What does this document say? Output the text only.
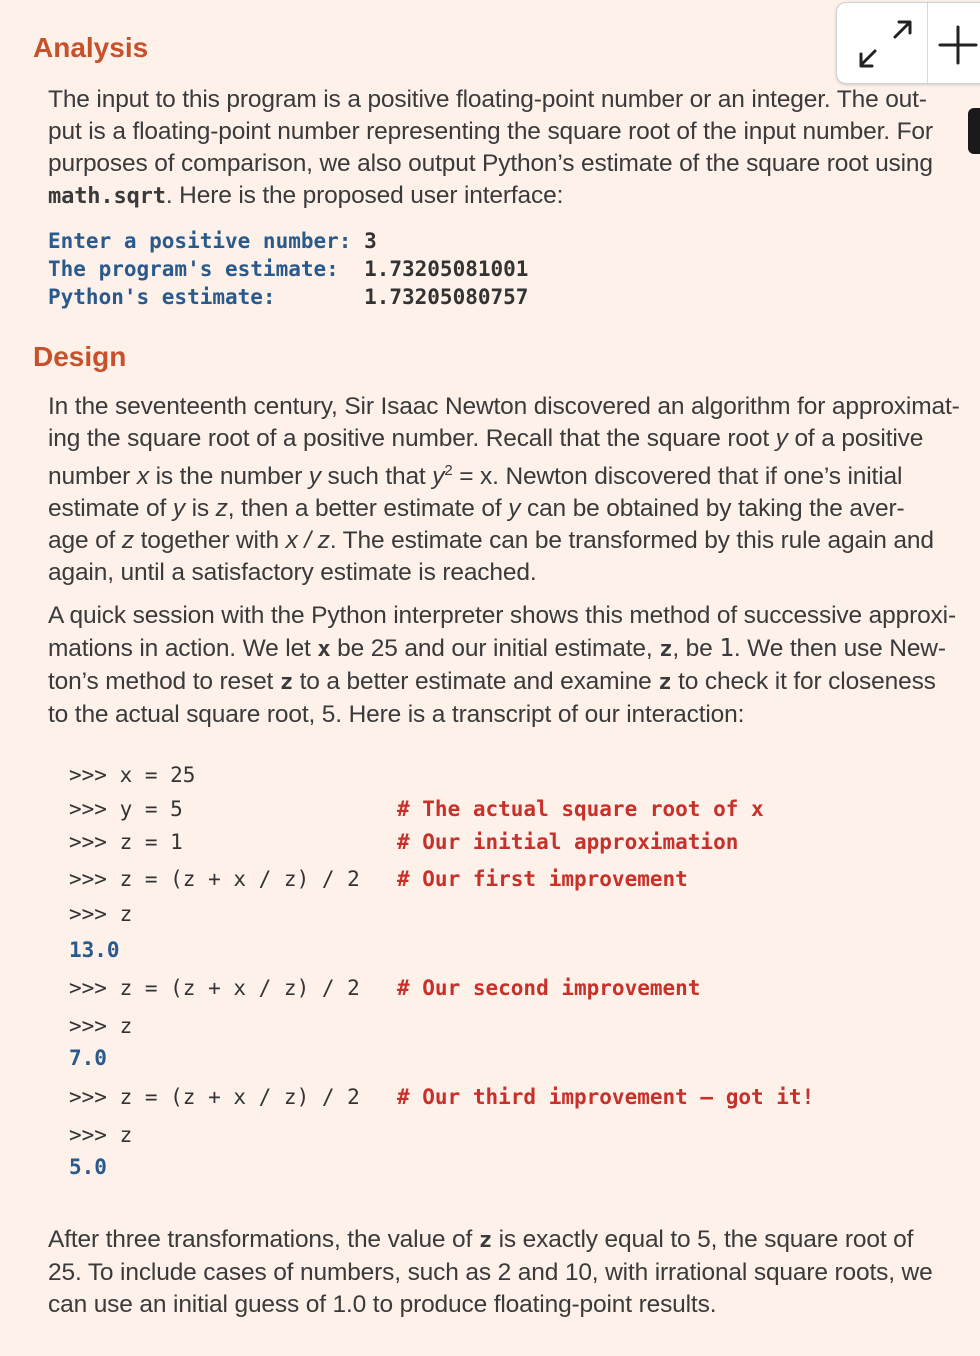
Analysis
The input to this program is a positive floating-point number or an integer. The out-
put is a floating-point number representing the square root of the input number. For
purposes of comparison, we also output Python’s estimate of the square root using
math.sqrt. Here is the proposed user interface:
Enter a positive number: 3
The program's estimate:  1.73205081001
Python's estimate:       1.73205080757
Design
In the seventeenth century, Sir Isaac Newton discovered an algorithm for approximat-
ing the square root of a positive number. Recall that the square root y of a positive
number x is the number y such that $y^2 = x$. Newton discovered that if one’s initial
estimate of y is z, then a better estimate of y can be obtained by taking the aver-
age of z together with x / z. The estimate can be transformed by this rule again and
again, until a satisfactory estimate is reached.
A quick session with the Python interpreter shows this method of successive approxi-
mations in action. We let x be 25 and our initial estimate, z, be 1. We then use New-
ton’s method to reset z to a better estimate and examine z to check it for closeness
to the actual square root, 5. Here is a transcript of our interaction:
>>> x = 25
>>> y = 5	# The actual square root of x
>>> z = 1	# Our initial approximation
>>> z = (z + x / z) / 2 # Our first improvement
>>> z
13.0
>>> z = (z + x / z) / 2 # Our second improvement
>>> z
7.0
>>> z = (z + x / z) / 2 # Our third improvement – got it!
>>> z
5.0
After three transformations, the value of z is exactly equal to 5, the square root of
25. To include cases of numbers, such as 2 and 10, with irrational square roots, we
can use an initial guess of 1.0 to produce floating-point results.
